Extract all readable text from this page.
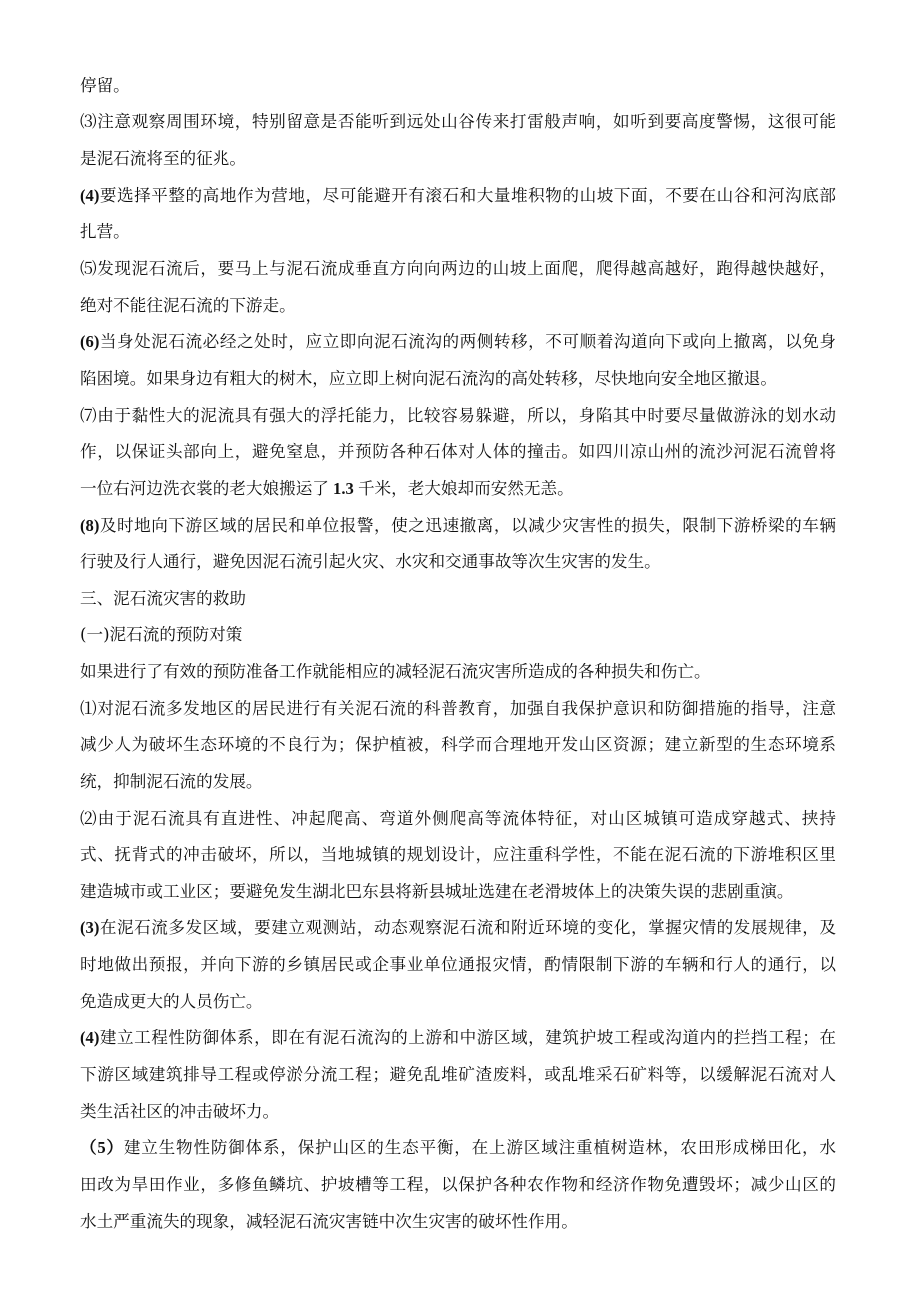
停留。
⑶注意观察周围环境，特别留意是否能听到远处山谷传来打雷般声响，如听到要高度警惕，这很可能
是泥石流将至的征兆。
(4)要选择平整的高地作为营地，尽可能避开有滚石和大量堆积物的山坡下面，不要在山谷和河沟底部
扎营。
⑸发现泥石流后，要马上与泥石流成垂直方向向两边的山坡上面爬，爬得越高越好，跑得越快越好，
绝对不能往泥石流的下游走。
(6)当身处泥石流必经之处时，应立即向泥石流沟的两侧转移，不可顺着沟道向下或向上撤离，以免身
陷困境。如果身边有粗大的树木，应立即上树向泥石流沟的高处转移，尽快地向安全地区撤退。
⑺由于黏性大的泥流具有强大的浮托能力，比较容易躲避，所以，身陷其中时要尽量做游泳的划水动
作，以保证头部向上，避免窒息，并预防各种石体对人体的撞击。如四川凉山州的流沙河泥石流曾将
一位右河边洗衣裳的老大娘搬运了 1.3 千米，老大娘却而安然无恙。
(8)及时地向下游区域的居民和单位报警，使之迅速撤离，以减少灾害性的损失，限制下游桥梁的车辆
行驶及行人通行，避免因泥石流引起火灾、水灾和交通事故等次生灾害的发生。
三、泥石流灾害的救助
(一)泥石流的预防对策
如果进行了有效的预防准备工作就能相应的减轻泥石流灾害所造成的各种损失和伤亡。
⑴对泥石流多发地区的居民进行有关泥石流的科普教育，加强自我保护意识和防御措施的指导，注意
减少人为破坏生态环境的不良行为；保护植被，科学而合理地开发山区资源；建立新型的生态环境系
统，抑制泥石流的发展。
⑵由于泥石流具有直进性、冲起爬高、弯道外侧爬高等流体特征，对山区城镇可造成穿越式、挟持
式、抚背式的冲击破坏，所以，当地城镇的规划设计，应注重科学性，不能在泥石流的下游堆积区里
建造城市或工业区；要避免发生湖北巴东县将新县城址选建在老滑坡体上的决策失误的悲剧重演。
(3)在泥石流多发区域，要建立观测站，动态观察泥石流和附近环境的变化，掌握灾情的发展规律，及
时地做出预报，并向下游的乡镇居民或企事业单位通报灾情，酌情限制下游的车辆和行人的通行，以
免造成更大的人员伤亡。
(4)建立工程性防御体系，即在有泥石流沟的上游和中游区域，建筑护坡工程或沟道内的拦挡工程；在
下游区域建筑排导工程或停淤分流工程；避免乱堆矿渣废料，或乱堆采石矿料等，以缓解泥石流对人
类生活社区的冲击破坏力。
（5）建立生物性防御体系，保护山区的生态平衡，在上游区域注重植树造林，农田形成梯田化，水
田改为旱田作业，多修鱼鳞坑、护坡槽等工程，以保护各种农作物和经济作物免遭毁坏；减少山区的
水土严重流失的现象，减轻泥石流灾害链中次生灾害的破坏性作用。
